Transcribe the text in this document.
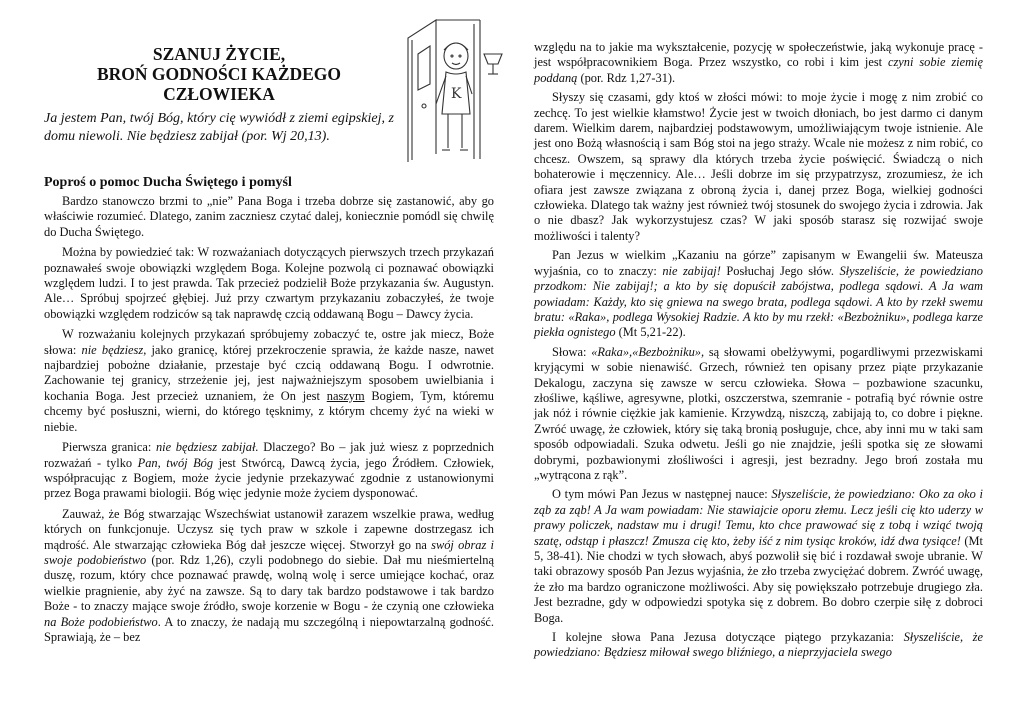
SZANUJ ŻYCIE,
BROŃ GODNOŚCI KAŻDEGO
CZŁOWIEKA
Ja jestem Pan, twój Bóg, który cię wywiódł z ziemi egipskiej, z domu niewoli. Nie będziesz zabijał (por. Wj 20,13).
K
Poproś o pomoc Ducha Świętego i pomyśl

Bardzo stanowczo brzmi to „nie” Pana Boga i trzeba dobrze się zastanowić, aby go właściwie rozumieć. Dlatego, zanim zaczniesz czytać dalej, koniecznie pomódl się chwilę do Ducha Świętego.

Można by powiedzieć tak: W rozważaniach dotyczących pierwszych trzech przykazań poznawałeś swoje obowiązki względem Boga. Kolejne pozwolą ci poznawać obowiązki względem ludzi. I to jest prawda. Tak przecież podzielił Boże przykazania św. Augustyn. Ale… Spróbuj spojrzeć głębiej. Już przy czwartym przykazaniu zobaczyłeś, że twoje obowiązki względem rodziców są tak naprawdę czcią oddawaną Bogu – Dawcy życia.

W rozważaniu kolejnych przykazań spróbujemy zobaczyć te, ostre jak miecz, Boże słowa: nie będziesz, jako granicę, której przekroczenie sprawia, że każde nasze, nawet najbardziej pobożne działanie, przestaje być czcią oddawaną Bogu. I odwrotnie. Zachowanie tej granicy, strzeżenie jej, jest najważniejszym sposobem uwielbiania i kochania Boga. Jest przecież uznaniem, że On jest naszym Bogiem, Tym, któremu chcemy być posłuszni, wierni, do którego tęsknimy, z którym chcemy żyć na wieki w niebie.

Pierwsza granica: nie będziesz zabijał. Dlaczego? Bo – jak już wiesz z poprzednich rozważań - tylko Pan, twój Bóg jest Stwórcą, Dawcą życia, jego Źródłem. Człowiek, współpracując z Bogiem, może życie jedynie przekazywać zgodnie z ustanowionymi przez Boga prawami biologii. Bóg więc jedynie może życiem dysponować.

Zauważ, że Bóg stwarzając Wszechświat ustanowił zarazem wszelkie prawa, według których on funkcjonuje. Uczysz się tych praw w szkole i zapewne dostrzegasz ich mądrość. Ale stwarzając człowieka Bóg dał jeszcze więcej. Stworzył go na swój obraz i swoje podobieństwo (por. Rdz 1,26), czyli podobnego do siebie. Dał mu nieśmiertelną duszę, rozum, który chce poznawać prawdę, wolną wolę i serce umiejące kochać, oraz wielkie pragnienie, aby żyć na zawsze. Są to dary tak bardzo podstawowe i tak bardzo Boże - to znaczy mające swoje źródło, swoje korzenie w Bogu - że czynią one człowieka na Boże podobieństwo. A to znaczy, że nadają mu szczególną i niepowtarzalną godność. Sprawiają, że – bez

względu na to jakie ma wykształcenie, pozycję w społeczeństwie, jaką wykonuje pracę - jest współpracownikiem Boga. Przez wszystko, co robi i kim jest czyni sobie ziemię poddaną (por. Rdz 1,27-31).

Słyszy się czasami, gdy ktoś w złości mówi: to moje życie i mogę z nim zrobić co zechcę. To jest wielkie kłamstwo! Życie jest w twoich dłoniach, bo jest darmo ci danym darem. Wielkim darem, najbardziej podstawowym, umożliwiającym twoje istnienie. Ale jest ono Bożą własnością i sam Bóg stoi na jego straży. Wcale nie możesz z nim robić, co chcesz. Owszem, są sprawy dla których trzeba życie poświęcić. Świadczą o nich bohaterowie i męczennicy. Ale… Jeśli dobrze im się przypatrzysz, zrozumiesz, że ich ofiara jest zawsze związana z obroną życia i, danej przez Boga, wielkiej godności człowieka. Dlatego tak ważny jest również twój stosunek do swojego życia i zdrowia. Jak o nie dbasz? Jak wykorzystujesz czas? W jaki sposób starasz się rozwijać swoje możliwości i talenty?

Pan Jezus w wielkim „Kazaniu na górze” zapisanym w Ewangelii św. Mateusza wyjaśnia, co to znaczy: nie zabijaj! Posłuchaj Jego słów. Słyszeliście, że powiedziano przodkom: Nie zabijaj!; a kto by się dopuścił zabójstwa, podlega sądowi. A Ja wam powiadam: Każdy, kto się gniewa na swego brata, podlega sądowi. A kto by rzekł swemu bratu: «Raka», podlega Wysokiej Radzie. A kto by mu rzekł: «Bezbożniku», podlega karze piekła ognistego (Mt 5,21-22).

Słowa: «Raka»,«Bezbożniku», są słowami obelżywymi, pogardliwymi przezwiskami kryjącymi w sobie nienawiść. Grzech, również ten opisany przez piąte przykazanie Dekalogu, zaczyna się zawsze w sercu człowieka. Słowa – pozbawione szacunku, złośliwe, kąśliwe, agresywne, plotki, oszczerstwa, szemranie - potrafią być równie ostre jak nóż i równie ciężkie jak kamienie. Krzywdzą, niszczą, zabijają to, co dobre i piękne. Zwróć uwagę, że człowiek, który się taką bronią posługuje, chce, aby inni mu w taki sam sposób odpowiadali. Szuka odwetu. Jeśli go nie znajdzie, jeśli spotka się ze słowami dobrymi, pozbawionymi złośliwości i agresji, jest bezradny. Jego broń została mu „wytrącona z rąk”.

O tym mówi Pan Jezus w następnej nauce: Słyszeliście, że powiedziano: Oko za oko i ząb za ząb! A Ja wam powiadam: Nie stawiajcie oporu złemu. Lecz jeśli cię kto uderzy w prawy policzek, nadstaw mu i drugi! Temu, kto chce prawować się z tobą i wziąć twoją szatę, odstąp i płaszcz! Zmusza cię kto, żeby iść z nim tysiąc kroków, idź dwa tysiące! (Mt 5, 38-41). Nie chodzi w tych słowach, abyś pozwolił się bić i rozdawał swoje ubranie. W taki obrazowy sposób Pan Jezus wyjaśnia, że zło trzeba zwyciężać dobrem. Zwróć uwagę, że zło ma bardzo ograniczone możliwości. Aby się powiększało potrzebuje drugiego zła. Jest bezradne, gdy w odpowiedzi spotyka się z dobrem. Bo dobro czerpie siłę z dobroci Boga.

I kolejne słowa Pana Jezusa dotyczące piątego przykazania: Słyszeliście, że powiedziano: Będziesz miłował swego bliźniego, a nieprzyjaciela swego
